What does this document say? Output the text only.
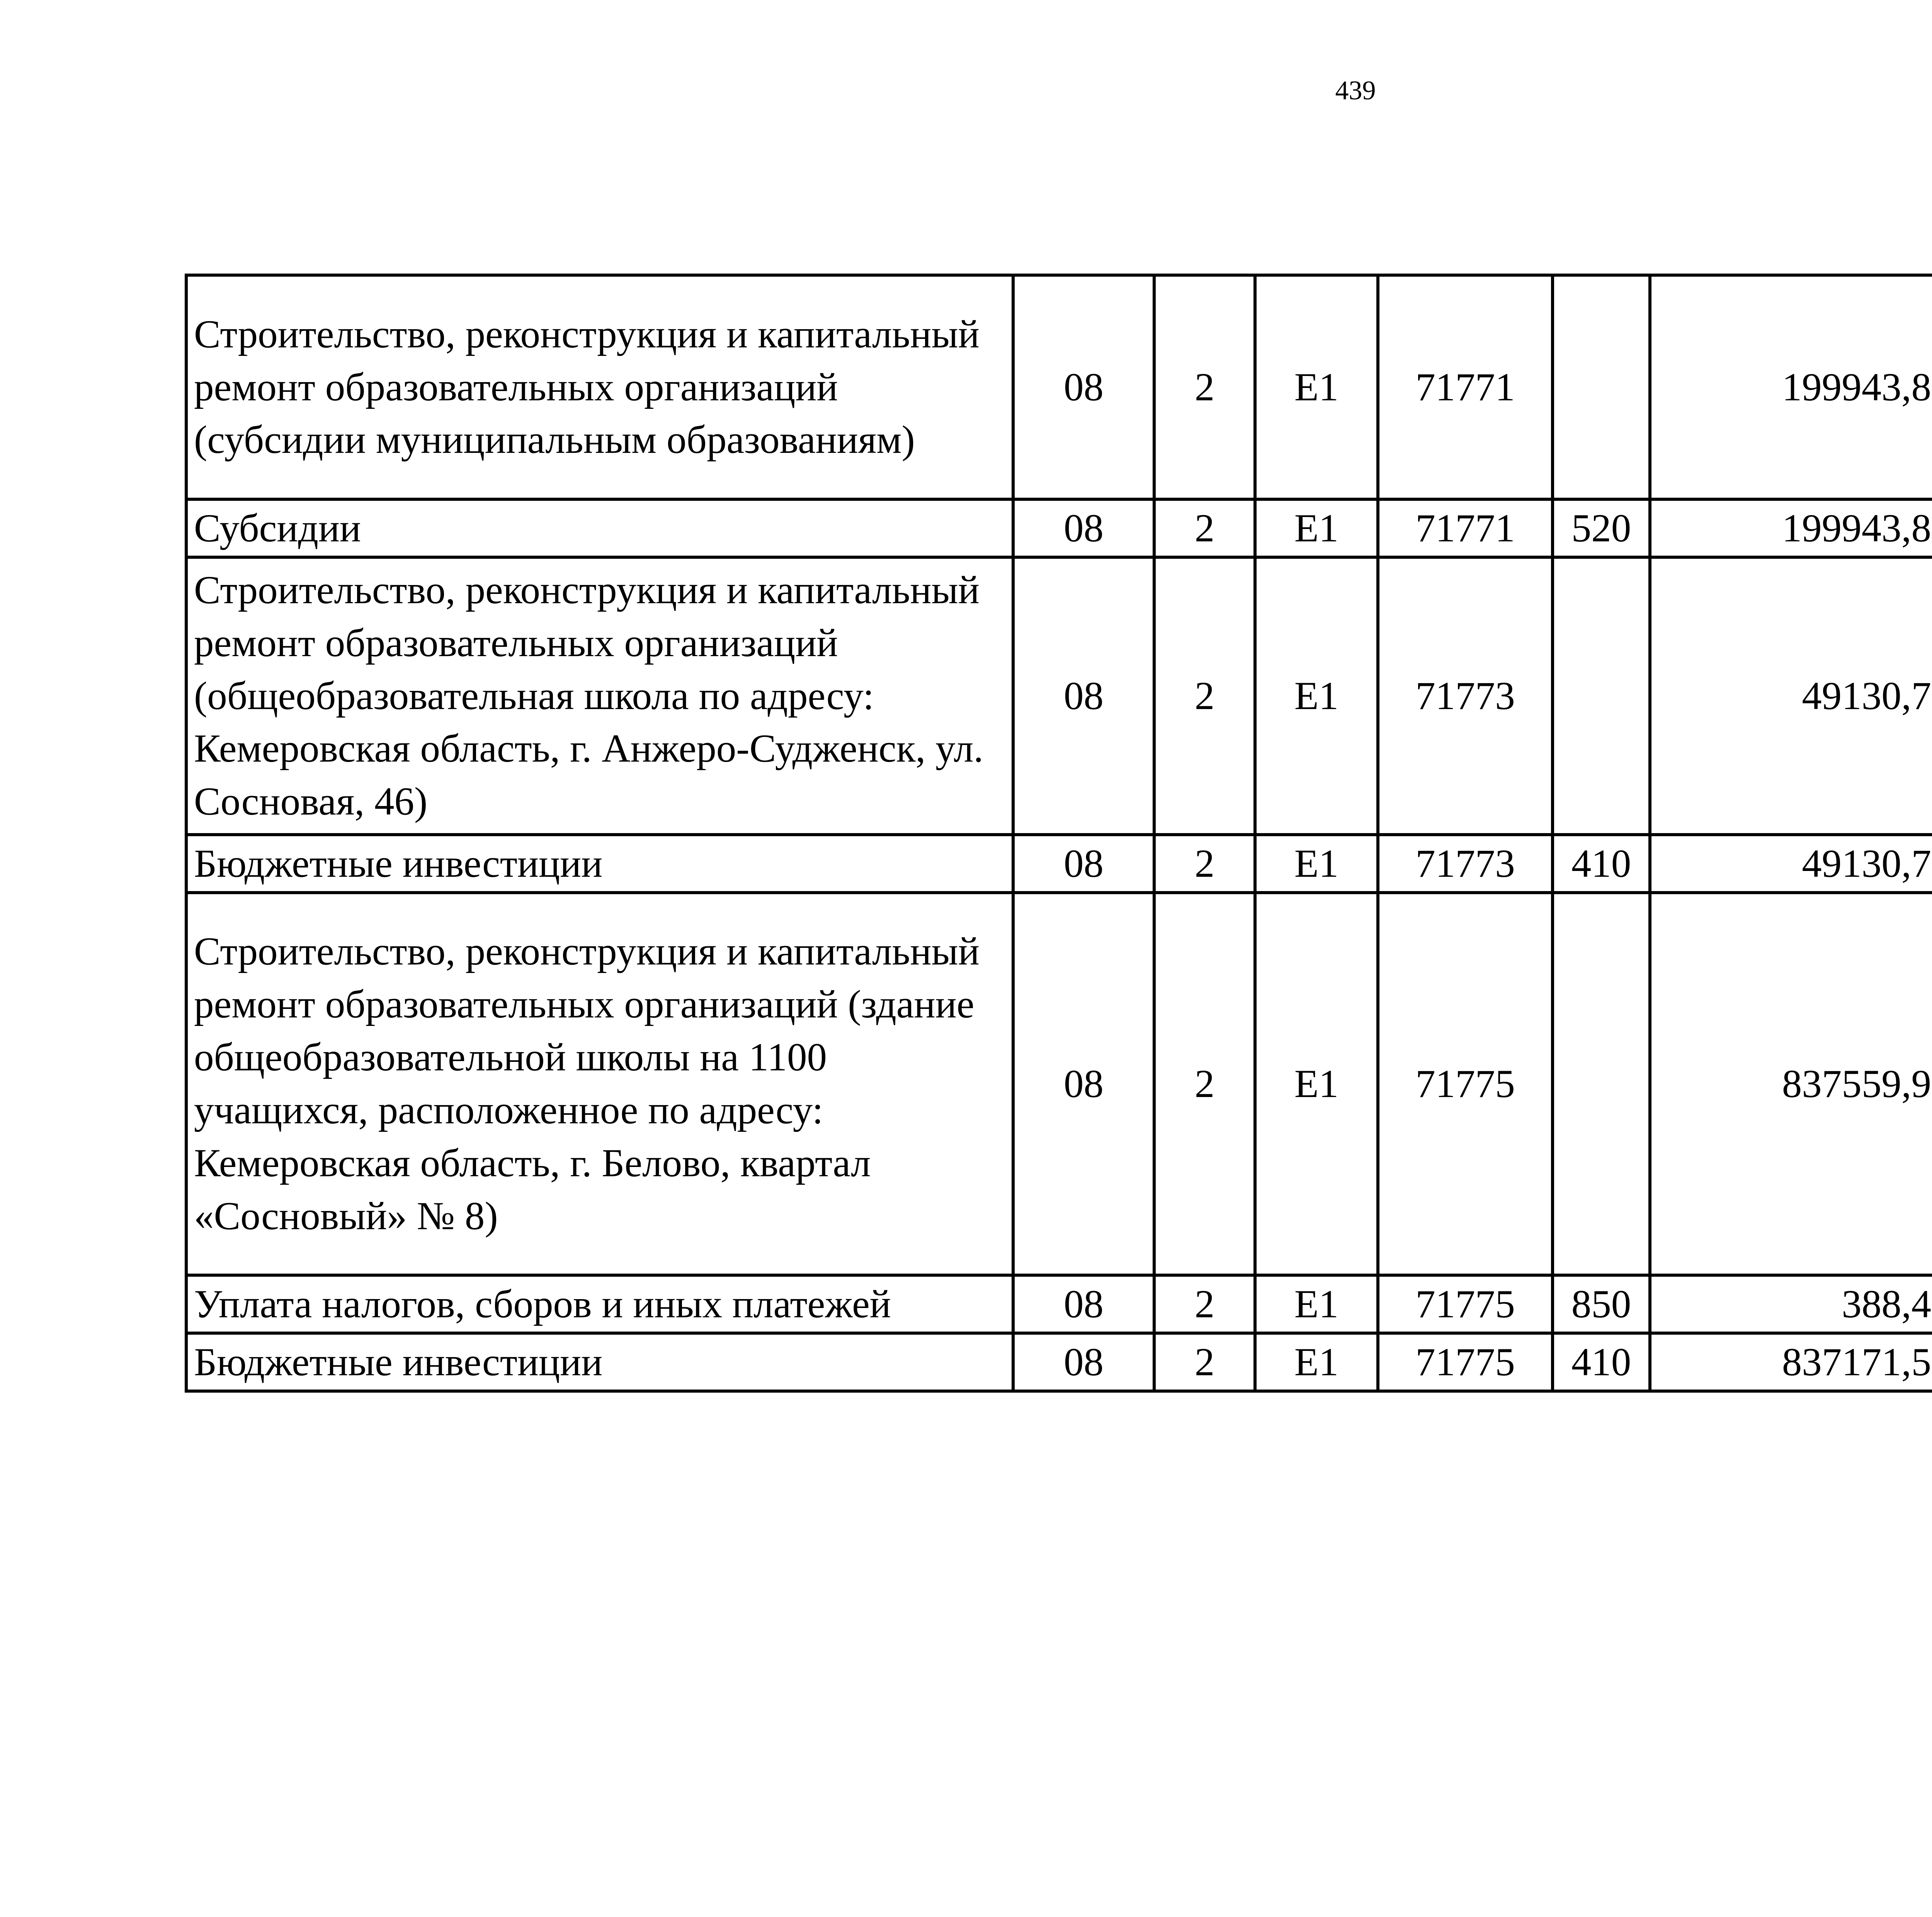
439
Строительство, реконструкция и капитальный ремонт образовательных организаций (субсидии муниципальным образованиям)	08	2	Е1	71771		199943,8		
Субсидии	08	2	Е1	71771	520	199943,8		
Строительство, реконструкция и капитальный ремонт образовательных организаций (общеобразовательная школа по адресу: Кемеровская область, г. Анжеро-Судженск, ул. Сосновая, 46)	08	2	Е1	71773		49130,7		
Бюджетные инвестиции	08	2	Е1	71773	410	49130,7		
Строительство, реконструкция и капитальный ремонт образовательных организаций (здание общеобразовательной школы на 1100 учащихся, расположенное по адресу: Кемеровская область, г. Белово, квартал «Сосновый» № 8)	08	2	Е1	71775		837559,9		
Уплата налогов, сборов и иных платежей	08	2	Е1	71775	850	388,4		
Бюджетные инвестиции	08	2	Е1	71775	410	837171,5		
